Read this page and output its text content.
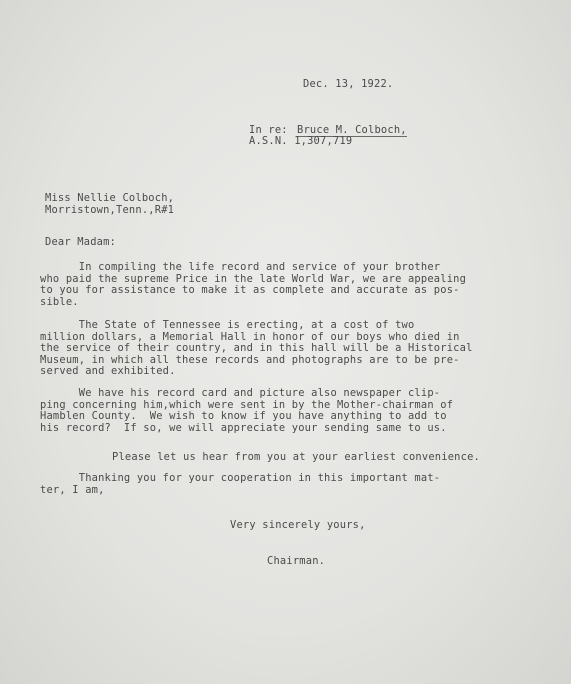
Dec. 13, 1922.
In re: Bruce M. Colboch,
A.S.N. 1,307,719
Miss Nellie Colboch,
Morristown,Tenn.,R#1
Dear Madam:
In compiling the life record and service of your brother
who paid the supreme Price in the late World War, we are appealing
to you for assistance to make it as complete and accurate as pos-
sible.
The State of Tennessee is erecting, at a cost of two
million dollars, a Memorial Hall in honor of our boys who died in
the service of their country, and in this hall will be a Historical
Museum, in which all these records and photographs are to be pre-
served and exhibited.
We have his record card and picture also newspaper clip-
ping concerning him,which were sent in by the Mother-chairman of
Hamblen County.  We wish to know if you have anything to add to
his record?  If so, we will appreciate your sending same to us.
Please let us hear from you at your earliest convenience.
Thanking you for your cooperation in this important mat-
ter, I am,
Very sincerely yours,
Chairman.
